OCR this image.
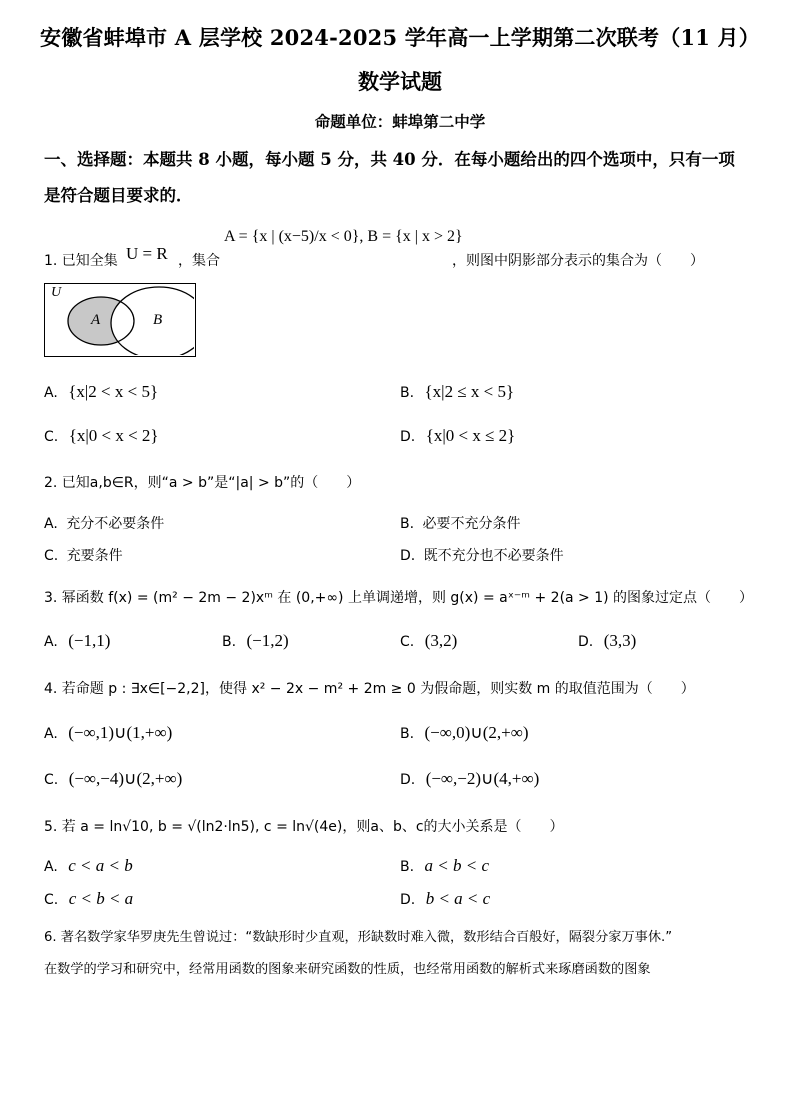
安徽省蚌埠市 A 层学校 2024-2025 学年高一上学期第二次联考（11 月）
数学试题
命题单位：蚌埠第二中学
一、选择题：本题共 8 小题，每小题 5 分，共 40 分．在每小题给出的四个选项中，只有一项
是符合题目要求的．
1. 已知全集 U = R ，集合
A = {x | (x−5)/x < 0}, B = {x | x > 2}
，则图中阴影部分表示的集合为（　　）
U
A	B
A. {x|2 < x < 5}	B. {x|2 ≤ x < 5}
C. {x|0 < x < 2}	D. {x|0 < x ≤ 2}
2. 已知a,b∈R，则“a > b”是“|a| > b”的（　　）
A. 充分不必要条件	B. 必要不充分条件
C. 充要条件	D. 既不充分也不必要条件
3. 幂函数 f(x) = (m² − 2m − 2)xᵐ 在 (0,+∞) 上单调递增，则 g(x) = aˣ⁻ᵐ + 2(a > 1) 的图象过定点（　　）
A. (−1,1)	B. (−1,2)	C. (3,2)	D. (3,3)
4. 若命题 p : ∃x∈[−2,2]，使得 x² − 2x − m² + 2m ≥ 0 为假命题，则实数 m 的取值范围为（　　）
A. (−∞,1)∪(1,+∞)	B. (−∞,0)∪(2,+∞)
C. (−∞,−4)∪(2,+∞)	D. (−∞,−2)∪(4,+∞)
5. 若 a = ln√10, b = √(ln2·ln5), c = ln√(4e)，则a、b、c的大小关系是（　　）
A. c < a < b	B. a < b < c
C. c < b < a	D. b < a < c
6. 著名数学家华罗庚先生曾说过：“数缺形时少直观，形缺数时难入微，数形结合百般好，隔裂分家万事休.”
在数学的学习和研究中，经常用函数的图象来研究函数的性质，也经常用函数的解析式来琢磨函数的图象
